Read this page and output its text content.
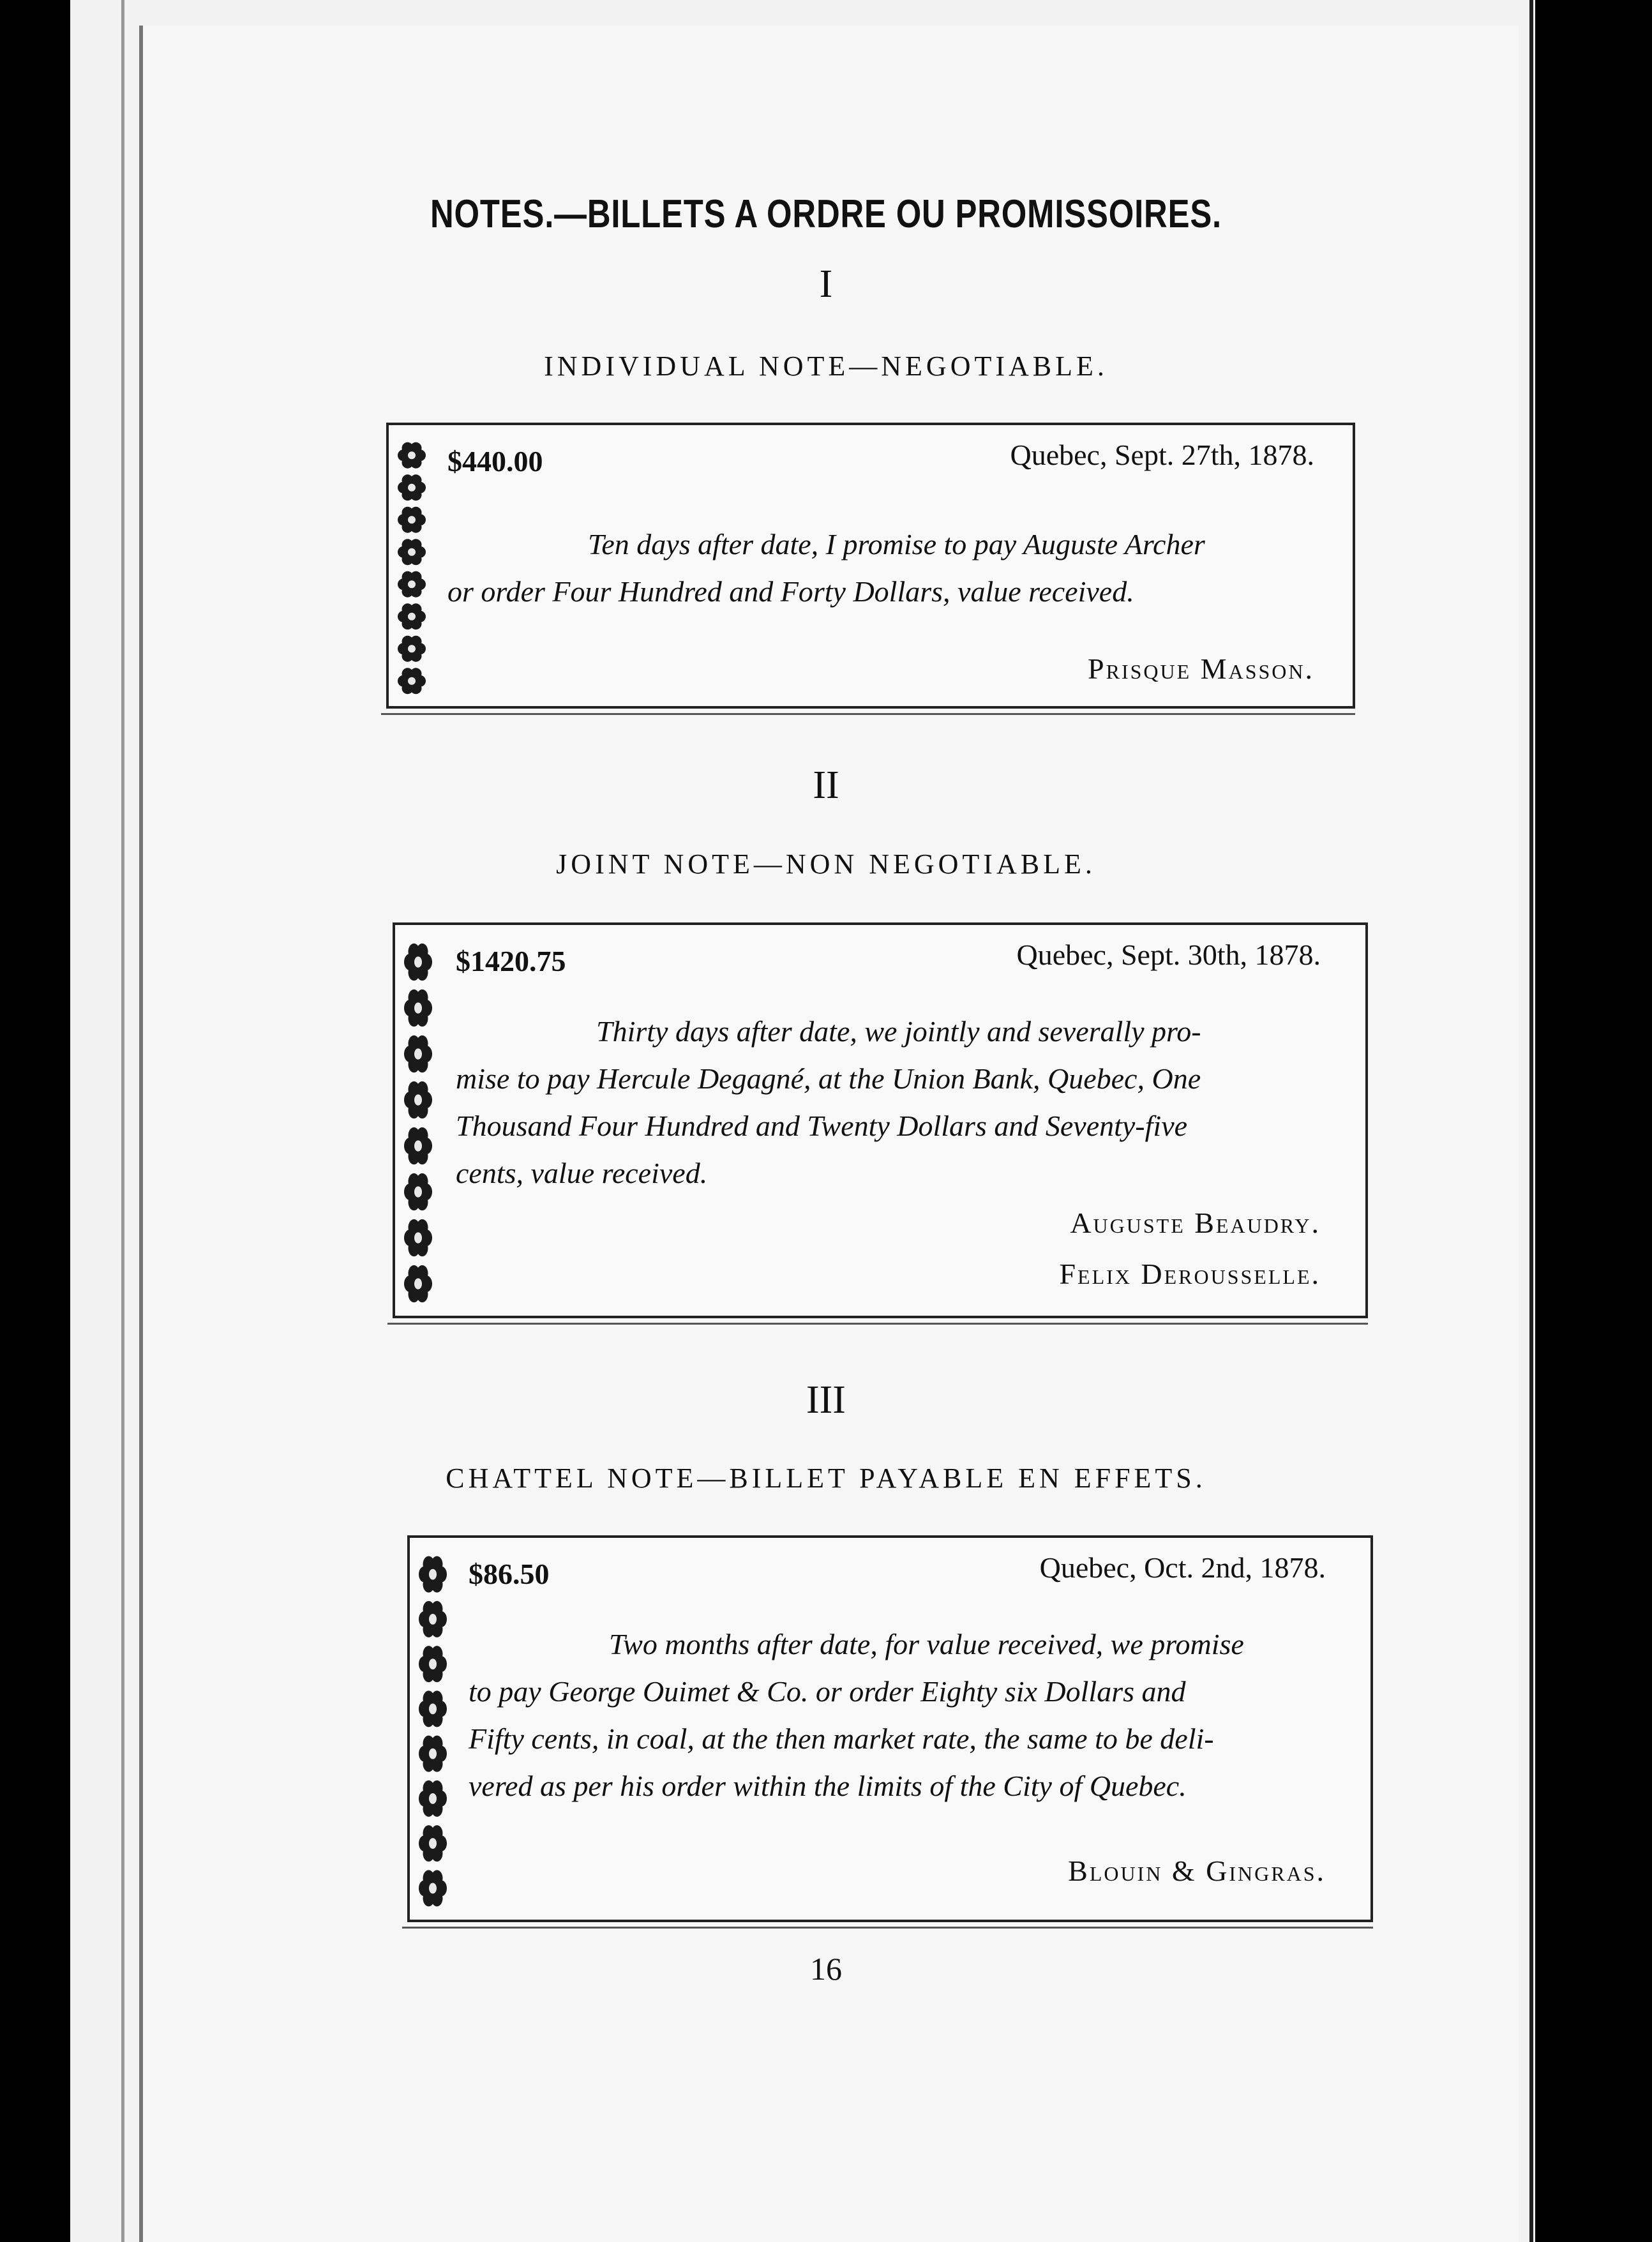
NOTES.—BILLETS A ORDRE OU PROMISSOIRES.
I
INDIVIDUAL NOTE—NEGOTIABLE.
$440.00	Quebec, Sept. 27th, 1878.
Ten days after date, I promise to pay Auguste Archer
or order Four Hundred and Forty Dollars, value received.
Prisque Masson.
II
JOINT NOTE—NON NEGOTIABLE.
$1420.75	Quebec, Sept. 30th, 1878.
Thirty days after date, we jointly and severally pro-
mise to pay Hercule Degagné, at the Union Bank, Quebec, One
Thousand Four Hundred and Twenty Dollars and Seventy-five
cents, value received.
Auguste Beaudry.
Felix Derousselle.
III
CHATTEL NOTE—BILLET PAYABLE EN EFFETS.
$86.50	Quebec, Oct. 2nd, 1878.
Two months after date, for value received, we promise
to pay George Ouimet & Co. or order Eighty six Dollars and
Fifty cents, in coal, at the then market rate, the same to be deli-
vered as per his order within the limits of the City of Quebec.
Blouin & Gingras.
16
